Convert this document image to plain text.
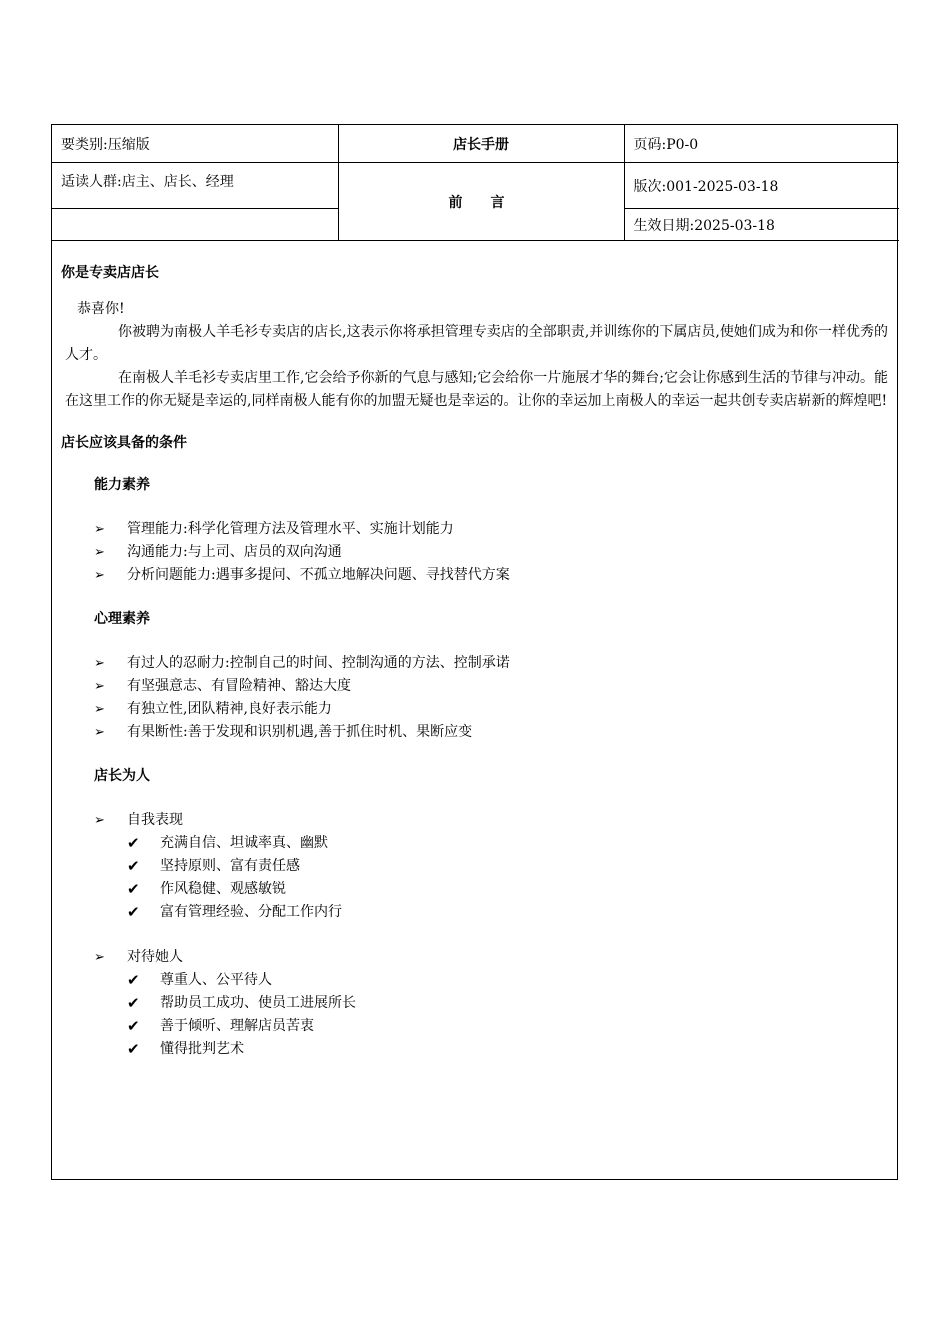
要类别:压缩版	店长手册	页码:P0-0
适读人群:店主、店长、经理	前言	版次:001-2025-03-18
		生效日期:2025-03-18

你是专卖店店长

恭喜你!

你被聘为南极人羊毛衫专卖店的店长,这表示你将承担管理专卖店的全部职责,并训练你的下属店员,使她们成为和你一样优秀的人才。

在南极人羊毛衫专卖店里工作,它会给予你新的气息与感知;它会给你一片施展才华的舞台;它会让你感到生活的节律与冲动。能在这里工作的你无疑是幸运的,同样南极人能有你的加盟无疑也是幸运的。让你的幸运加上南极人的幸运一起共创专卖店崭新的辉煌吧!

店长应该具备的条件

能力素养

➢ 管理能力:科学化管理方法及管理水平、实施计划能力

➢ 沟通能力:与上司、店员的双向沟通

➢ 分析问题能力:遇事多提问、不孤立地解决问题、寻找替代方案

心理素养

➢ 有过人的忍耐力:控制自己的时间、控制沟通的方法、控制承诺

➢ 有坚强意志、有冒险精神、豁达大度

➢ 有独立性,团队精神,良好表示能力

➢ 有果断性:善于发现和识别机遇,善于抓住时机、果断应变

店长为人

➢ 自我表现

✔ 充满自信、坦诚率真、幽默

✔ 坚持原则、富有责任感

✔ 作风稳健、观感敏锐

✔ 富有管理经验、分配工作内行

➢ 对待她人

✔ 尊重人、公平待人

✔ 帮助员工成功、使员工进展所长

✔ 善于倾听、理解店员苦衷

✔ 懂得批判艺术
